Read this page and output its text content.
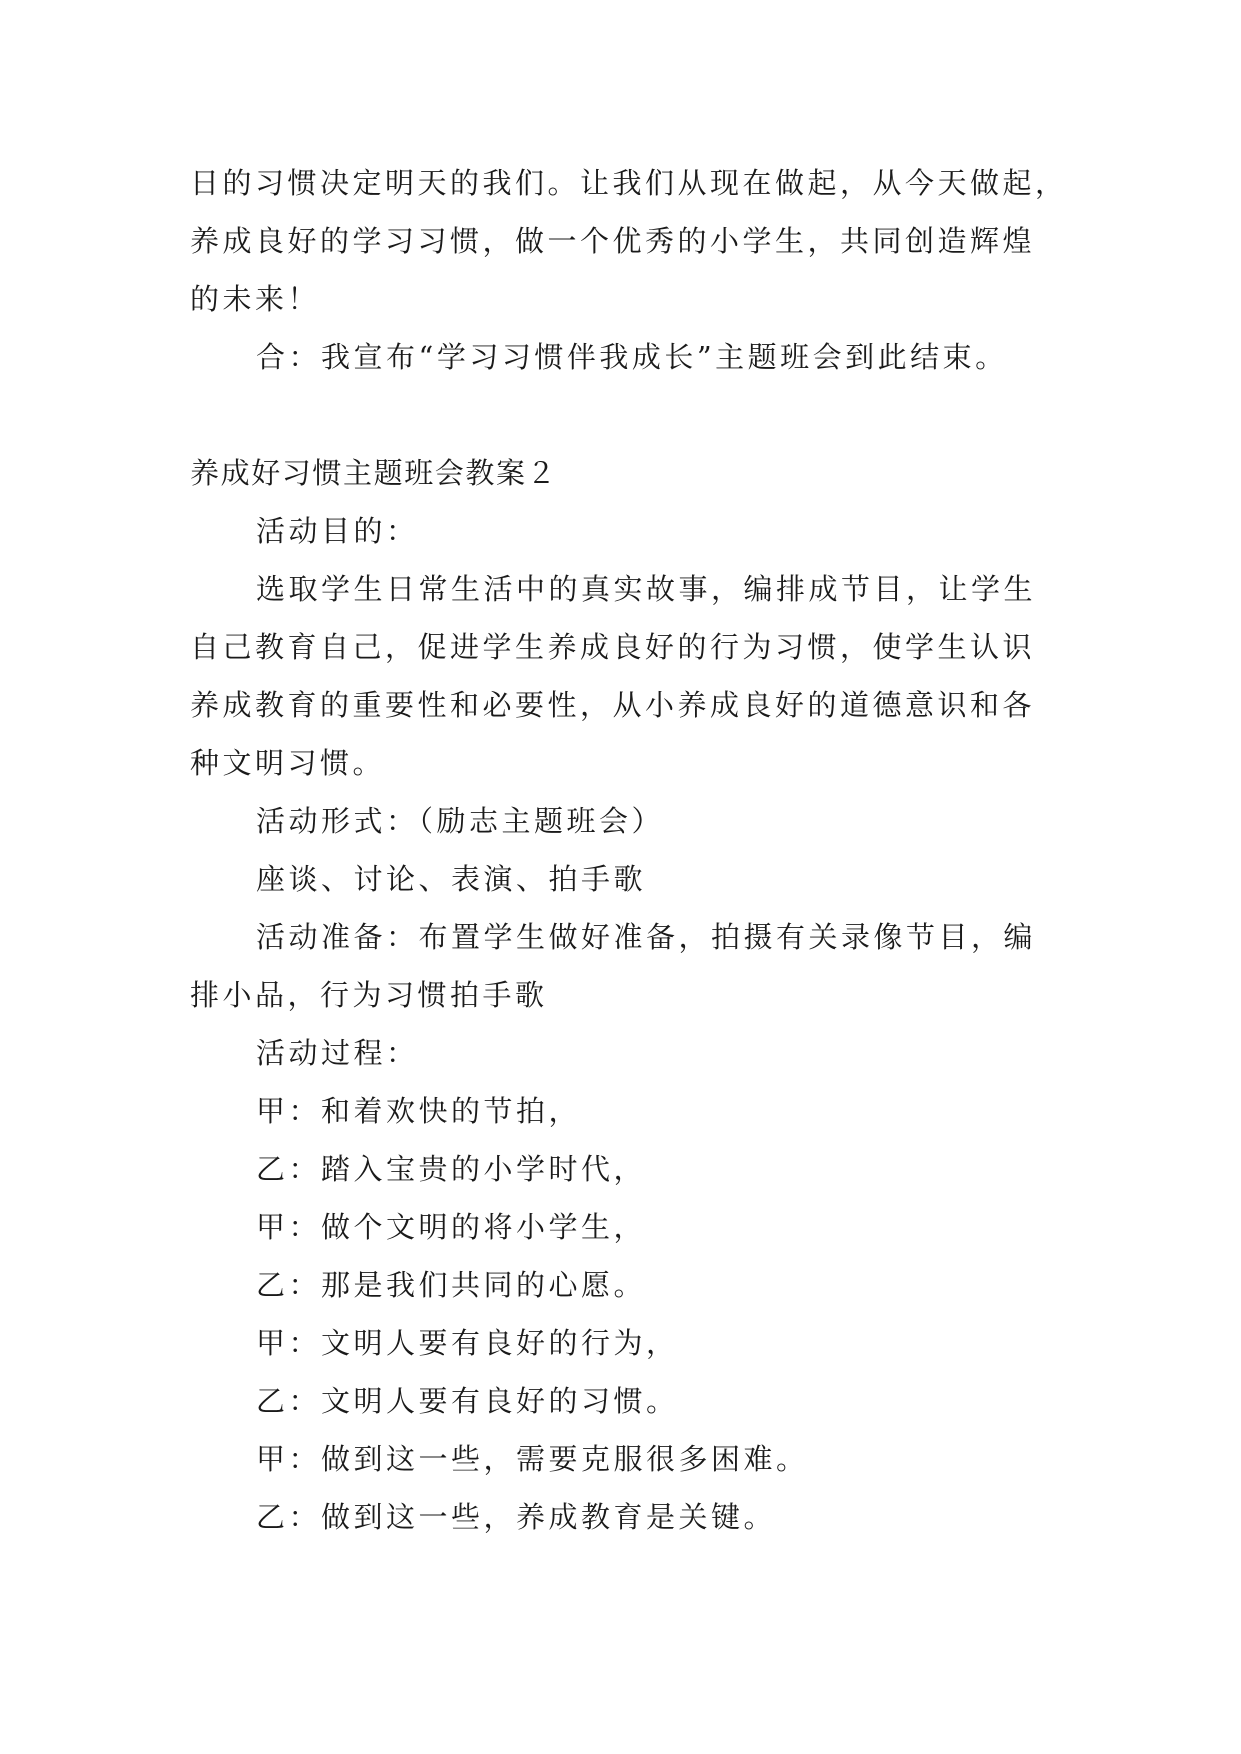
日的习惯决定明天的我们。让我们从现在做起，从今天做起，
养成良好的学习习惯，做一个优秀的小学生，共同创造辉煌
的未来！
合：我宣布“学习习惯伴我成长”主题班会到此结束。
养成好习惯主题班会教案２
活动目的：
选取学生日常生活中的真实故事，编排成节目，让学生
自己教育自己，促进学生养成良好的行为习惯，使学生认识
养成教育的重要性和必要性，从小养成良好的道德意识和各
种文明习惯。
活动形式：（励志主题班会）
座谈、讨论、表演、拍手歌
活动准备：布置学生做好准备，拍摄有关录像节目，编
排小品，行为习惯拍手歌
活动过程：
甲：和着欢快的节拍，
乙：踏入宝贵的小学时代，
甲：做个文明的将小学生，
乙：那是我们共同的心愿。
甲：文明人要有良好的行为，
乙：文明人要有良好的习惯。
甲：做到这一些，需要克服很多困难。
乙：做到这一些，养成教育是关键。
